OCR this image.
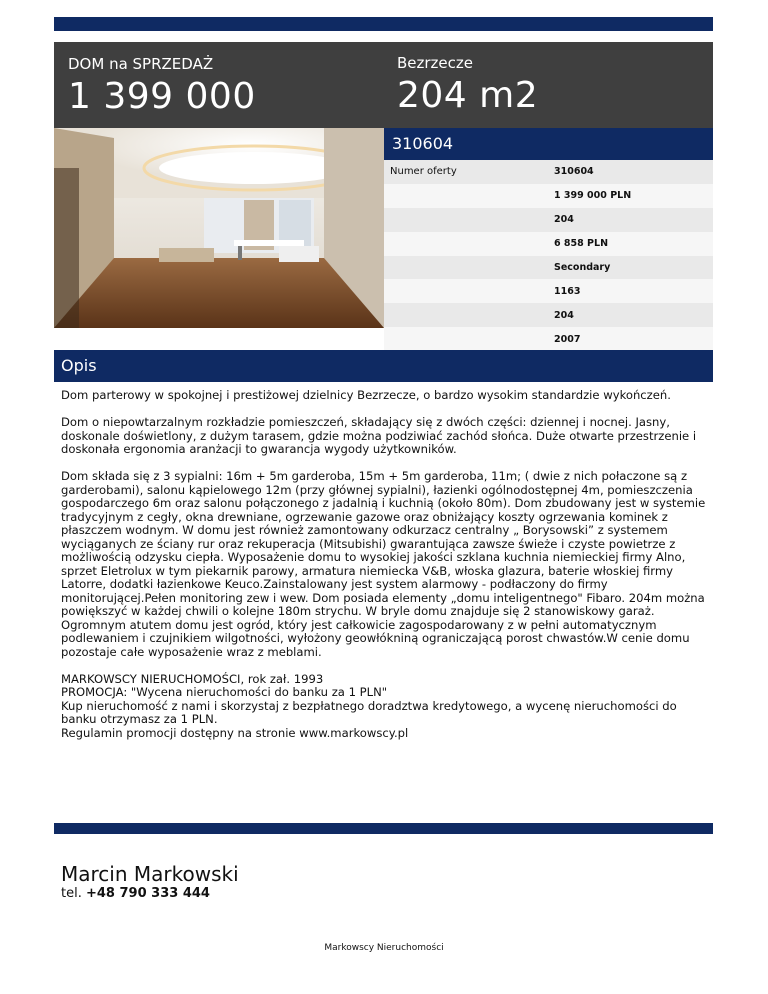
DOM na SPRZEDAŻ
1 399 000
Bezrzecze
204 m2
310604
Numer oferty	310604
1 399 000 PLN
204
6 858 PLN
Secondary
1163
204
2007
Opis

Dom parterowy w spokojnej i prestiżowej dzielnicy Bezrzecze, o bardzo wysokim standardzie wykończeń.

Dom o niepowtarzalnym rozkładzie pomieszczeń, składający się z dwóch części: dziennej i nocnej. Jasny, doskonale doświetlony, z dużym tarasem, gdzie można podziwiać zachód słońca. Duże otwarte przestrzenie i doskonała ergonomia aranżacji to gwarancja wygody użytkowników.

Dom składa się z 3 sypialni: 16m + 5m garderoba, 15m + 5m garderoba, 11m; ( dwie z nich połaczone są z garderobami), salonu kąpielowego 12m (przy głównej sypialni), łazienki ogólnodostępnej 4m, pomieszczenia gospodarczego 6m oraz salonu połączonego z jadalnią i kuchnią (około 80m). Dom zbudowany jest w systemie tradycyjnym z cegły, okna drewniane, ogrzewanie gazowe oraz obniżający koszty ogrzewania kominek z płaszczem wodnym. W domu jest również zamontowany odkurzacz centralny „ Borysowski” z systemem wyciąganych ze ściany rur oraz rekuperacja (Mitsubishi) gwarantująca zawsze świeże i czyste powietrze z możliwością odzysku ciepła. Wyposażenie domu to wysokiej jakości szklana kuchnia niemieckiej firmy Alno, sprzet Eletrolux w tym piekarnik parowy, armatura niemiecka V&B, włoska glazura, baterie włoskiej firmy Latorre, dodatki łazienkowe Keuco.Zainstalowany jest system alarmowy - podłaczony do firmy monitorującej.Pełen monitoring zew i wew. Dom posiada elementy „domu inteligentnego" Fibaro. 204m można powiększyć w każdej chwili o kolejne 180m strychu. W bryle domu znajduje się 2 stanowiskowy garaż. Ogromnym atutem domu jest ogród, który jest całkowicie zagospodarowany z w pełni automatycznym podlewaniem i czujnikiem wilgotności, wyłożony geowłókniną ograniczającą porost chwastów.W cenie domu pozostaje całe wyposażenie wraz z meblami.

MARKOWSCY NIERUCHOMOŚCI, rok zał. 1993
PROMOCJA: "Wycena nieruchomości do banku za 1 PLN"
Kup nieruchomość z nami i skorzystaj z bezpłatnego doradztwa kredytowego, a wycenę nieruchomości do banku otrzymasz za 1 PLN.
Regulamin promocji dostępny na stronie www.markowscy.pl
Marcin Markowski
tel. +48 790 333 444
Markowscy Nieruchomości
